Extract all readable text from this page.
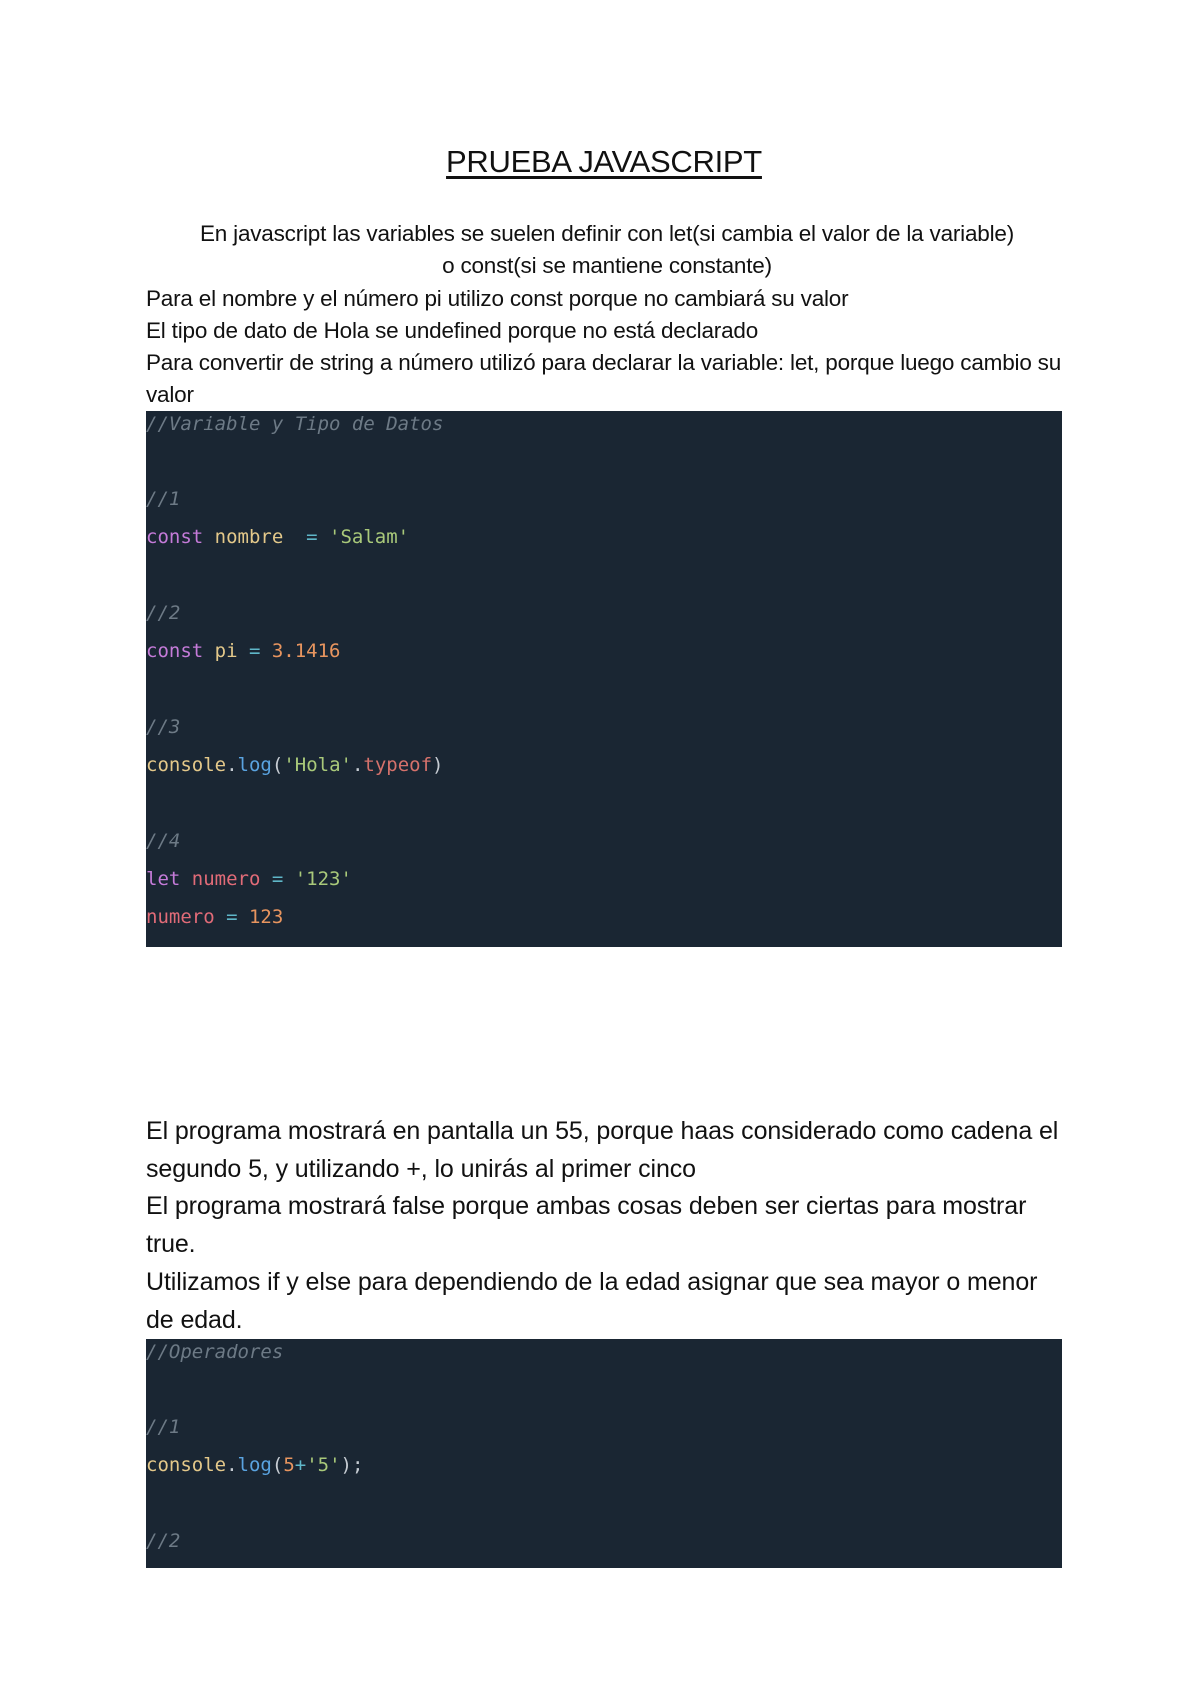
PRUEBA JAVASCRIPT
En javascript las variables se suelen definir con let(si cambia el valor de la variable)
o const(si se mantiene constante)
Para el nombre y el número pi utilizo const porque no cambiará su valor
El tipo de dato de Hola se undefined porque no está declarado
Para convertir de string a número utilizó para declarar la variable: let, porque luego cambio su valor
//Variable y Tipo de Datos
//1
const nombre  = 'Salam'
//2
const pi = 3.1416
//3
console.log('Hola'.typeof)
//4
let numero = '123'
numero = 123
El programa mostrará en pantalla un 55, porque haas considerado como cadena el segundo 5, y utilizando +, lo unirás al primer cinco
El programa mostrará false porque ambas cosas deben ser ciertas para mostrar true.
Utilizamos if y else para dependiendo de la edad asignar que sea mayor o menor de edad.
//Operadores
//1
console.log(5+'5');
//2
